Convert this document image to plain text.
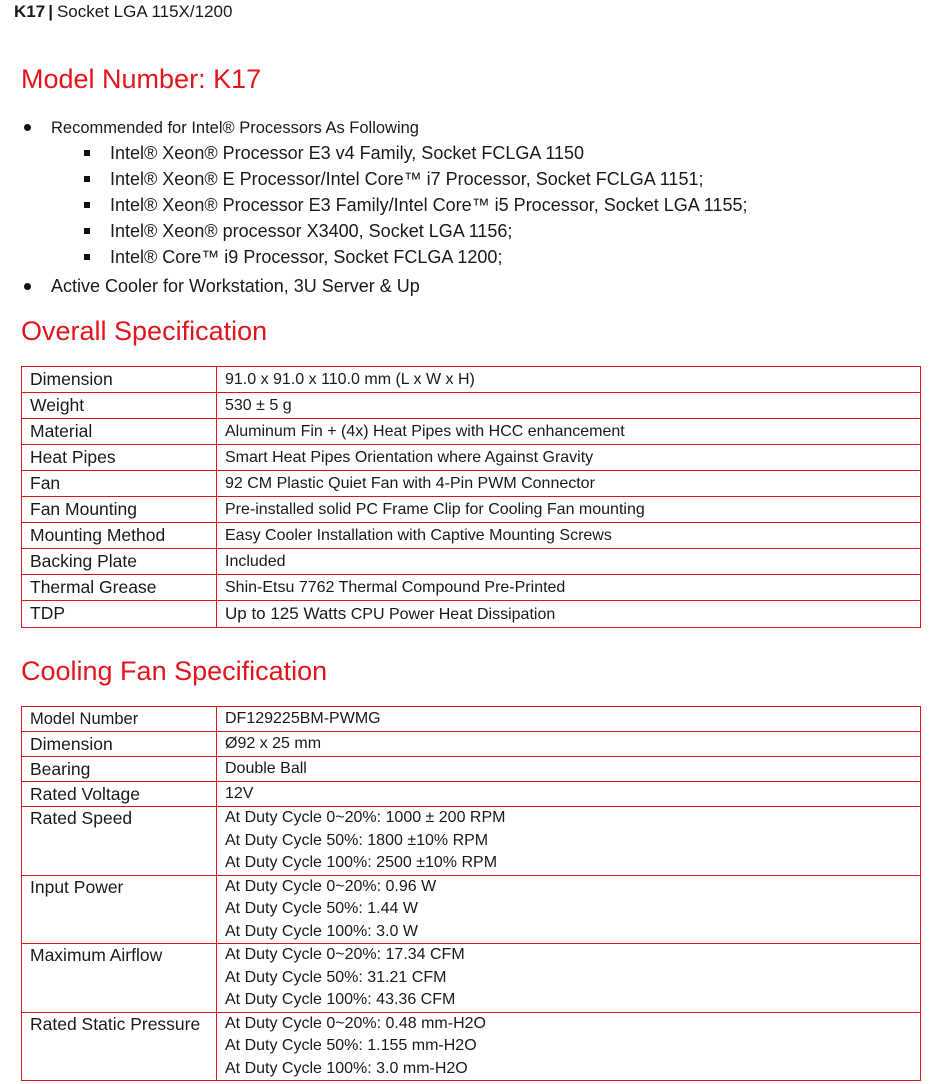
K17 | Socket LGA 115X/1200
Model Number: K17
Recommended for Intel® Processors As Following
Intel® Xeon® Processor E3 v4 Family, Socket FCLGA 1150
Intel® Xeon® E Processor/Intel Core™ i7 Processor, Socket FCLGA 1151;
Intel® Xeon® Processor E3 Family/Intel Core™ i5 Processor, Socket LGA 1155;
Intel® Xeon® processor X3400, Socket LGA 1156;
Intel® Core™ i9 Processor, Socket FCLGA 1200;
Active Cooler for Workstation, 3U Server & Up
Overall Specification
Dimension	91.0 x 91.0 x 110.0 mm (L x W x H)
Weight	530 ± 5 g
Material	Aluminum Fin + (4x) Heat Pipes with HCC enhancement
Heat Pipes	Smart Heat Pipes Orientation where Against Gravity
Fan	92 CM Plastic Quiet Fan with 4-Pin PWM Connector
Fan Mounting	Pre-installed solid PC Frame Clip for Cooling Fan mounting
Mounting Method	Easy Cooler Installation with Captive Mounting Screws
Backing Plate	Included
Thermal Grease	Shin-Etsu 7762 Thermal Compound Pre-Printed
TDP	Up to 125 Watts CPU Power Heat Dissipation
Cooling Fan Specification
Model Number	DF129225BM-PWMG
Dimension	Ø92 x 25 mm
Bearing	Double Ball
Rated Voltage	12V
Rated Speed	At Duty Cycle 0~20%: 1000 ± 200 RPM
At Duty Cycle 50%: 1800 ±10% RPM
At Duty Cycle 100%: 2500 ±10% RPM

Input Power	At Duty Cycle 0~20%: 0.96 W
At Duty Cycle 50%: 1.44 W
At Duty Cycle 100%: 3.0 W

Maximum Airflow	At Duty Cycle 0~20%: 17.34 CFM
At Duty Cycle 50%: 31.21 CFM
At Duty Cycle 100%: 43.36 CFM

Rated Static Pressure	At Duty Cycle 0~20%: 0.48 mm-H2O
At Duty Cycle 50%: 1.155 mm-H2O
At Duty Cycle 100%: 3.0 mm-H2O
